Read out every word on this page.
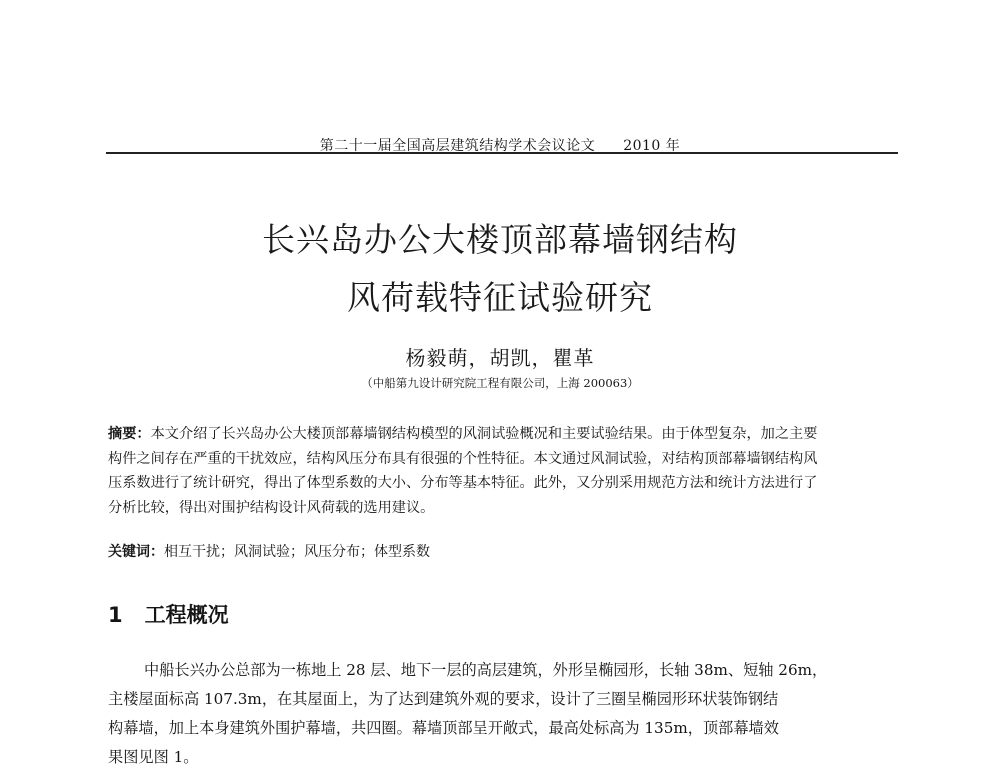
第二十一届全国高层建筑结构学术会议论文 2010 年
长兴岛办公大楼顶部幕墙钢结构
风荷载特征试验研究
杨毅萌，胡凯，瞿革
（中船第九设计研究院工程有限公司，上海 200063）
摘要：本文介绍了长兴岛办公大楼顶部幕墙钢结构模型的风洞试验概况和主要试验结果。由于体型复杂，加之主要
构件之间存在严重的干扰效应，结构风压分布具有很强的个性特征。本文通过风洞试验，对结构顶部幕墙钢结构风
压系数进行了统计研究，得出了体型系数的大小、分布等基本特征。此外，又分别采用规范方法和统计方法进行了
分析比较，得出对围护结构设计风荷载的选用建议。
关键词：相互干扰；风洞试验；风压分布；体型系数
1 工程概况
中船长兴办公总部为一栋地上 28 层、地下一层的高层建筑，外形呈椭园形，长轴 38m、短轴 26m，
主楼屋面标高 107.3m，在其屋面上，为了达到建筑外观的要求，设计了三圈呈椭园形环状装饰钢结
构幕墙，加上本身建筑外围护幕墙，共四圈。幕墙顶部呈开敞式，最高处标高为 135m，顶部幕墙效
果图见图 1。
